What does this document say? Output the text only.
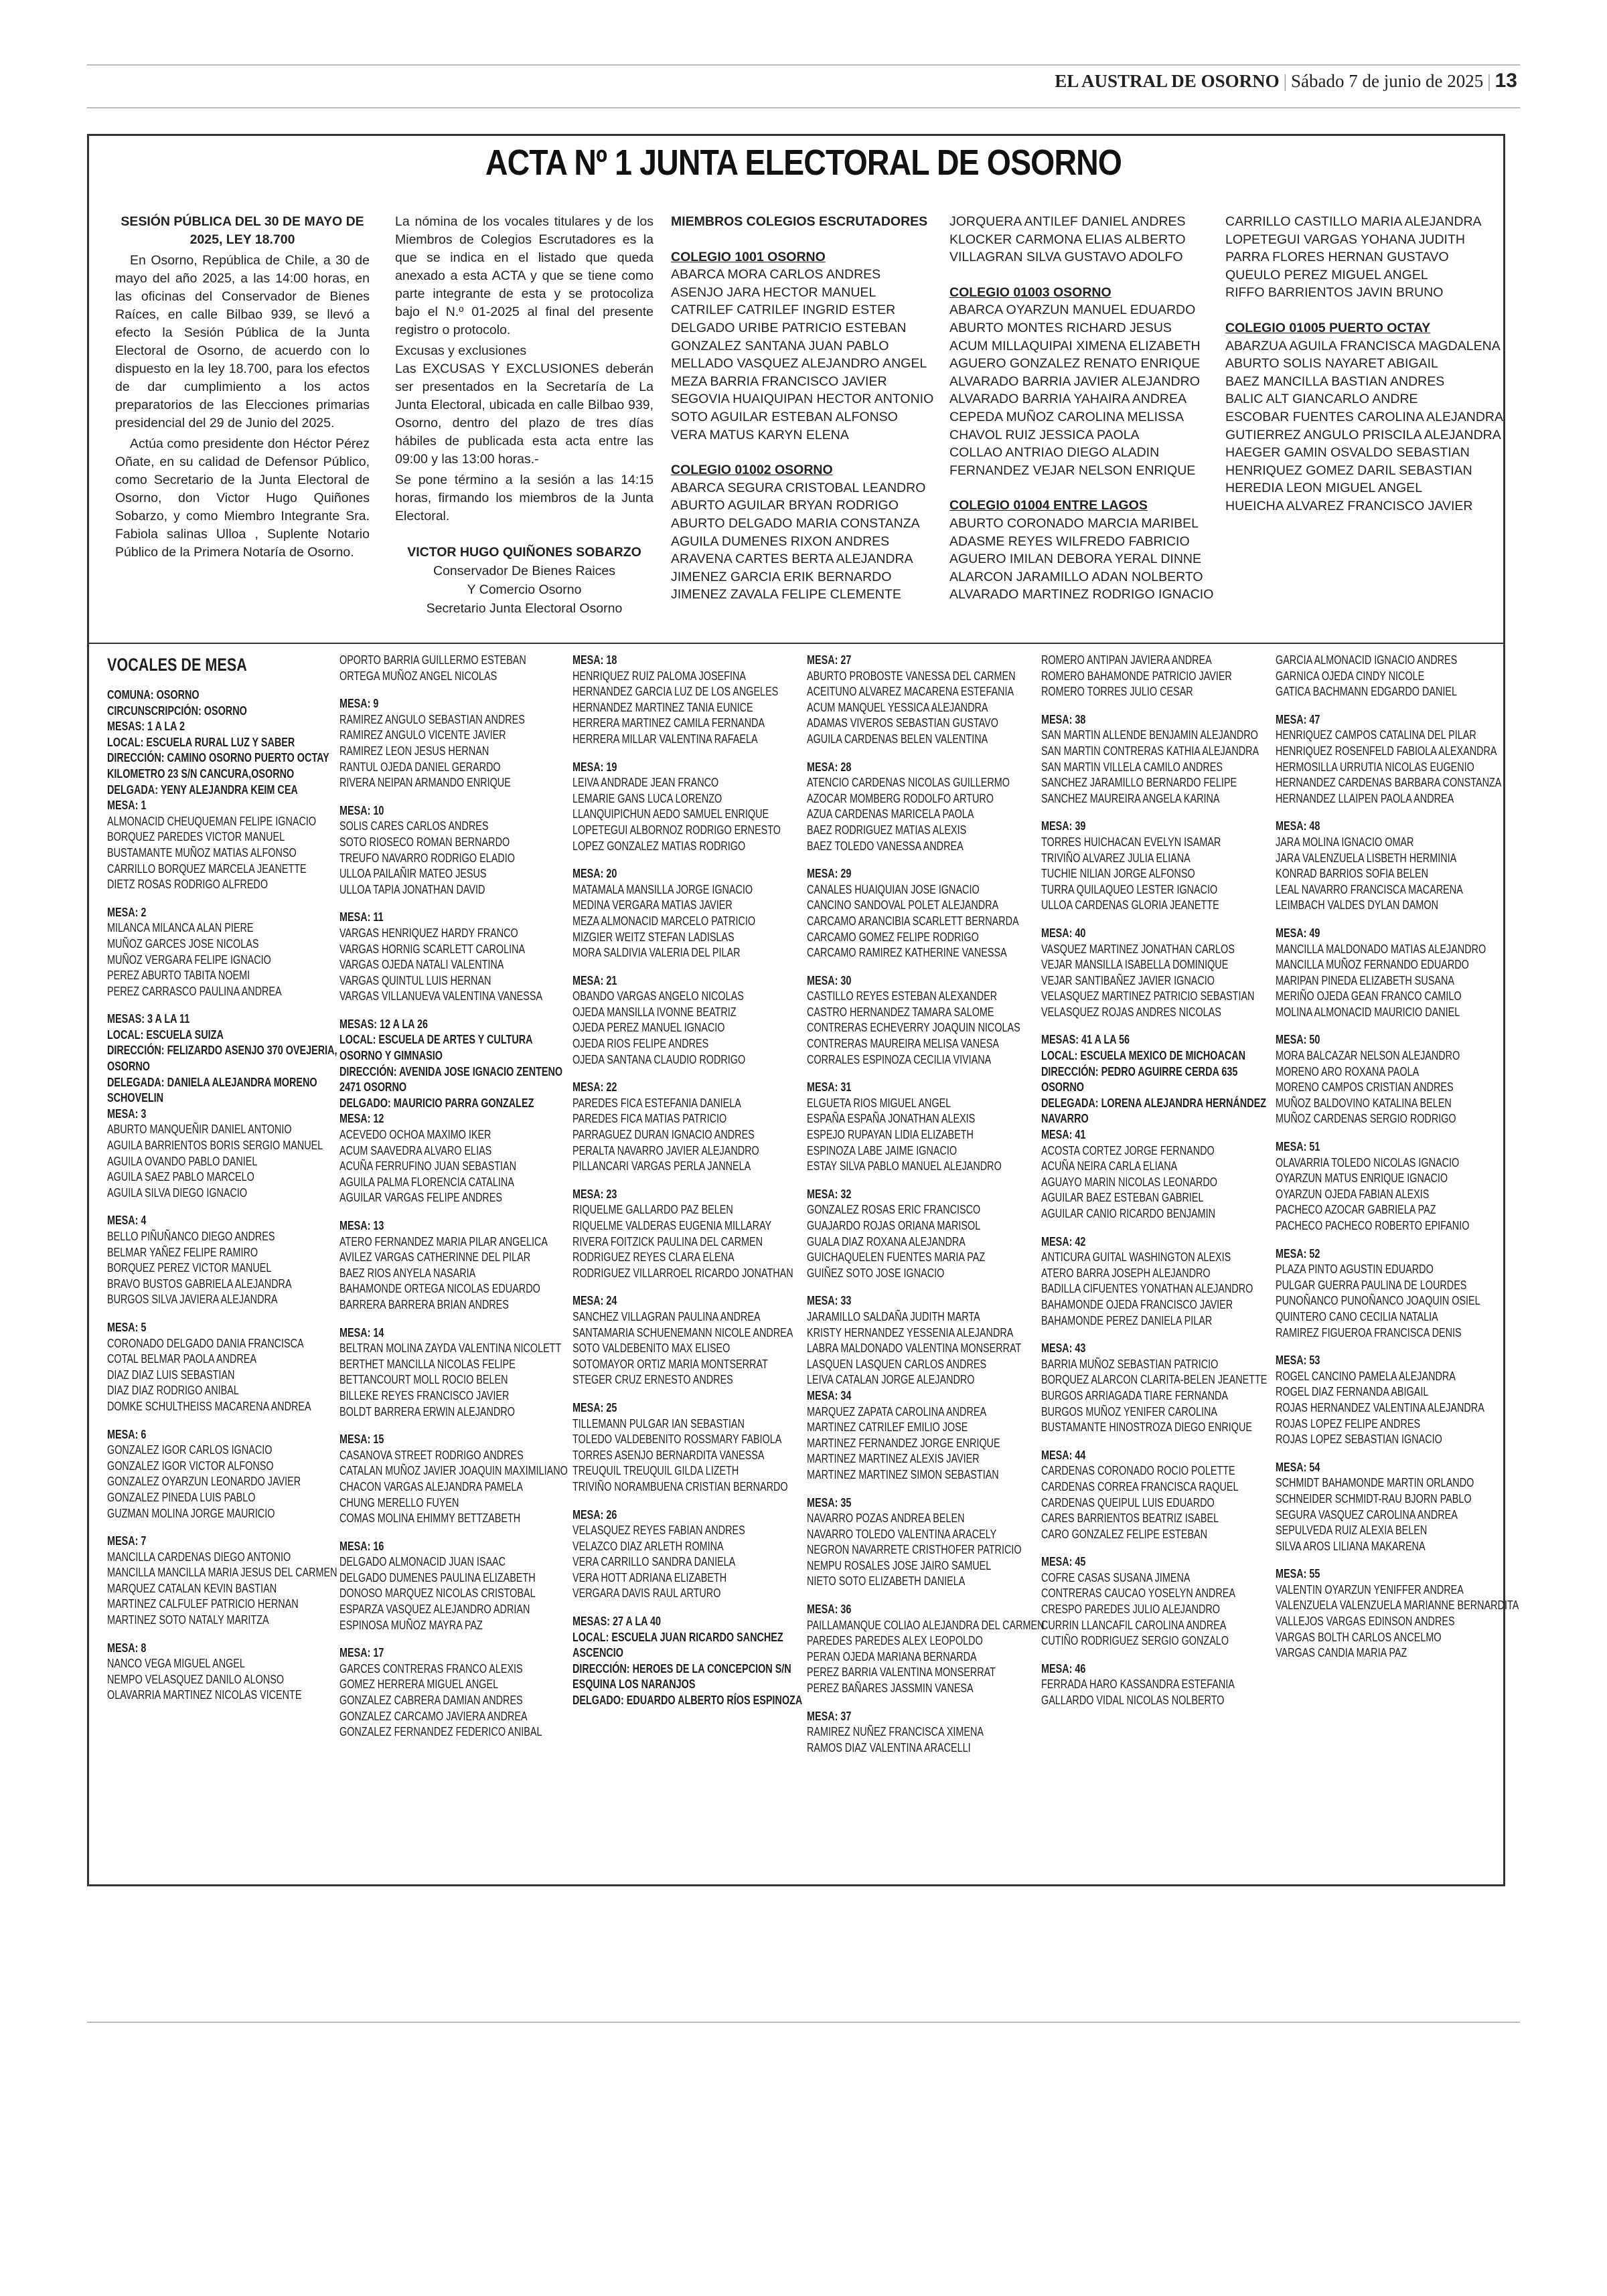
EL AUSTRAL DE OSORNO | Sábado 7 de junio de 2025 | 13
ACTA Nº 1 JUNTA ELECTORAL DE OSORNO

SESIÓN PÚBLICA DEL 30 DE MAYO DE 2025, LEY 18.700

En Osorno, República de Chile, a 30 de mayo del año 2025, a las 14:00 horas, en las oficinas del Conservador de Bienes Raíces, en calle Bilbao 939, se llevó a efecto la Sesión Pública de la Junta Electoral de Osorno, de acuerdo con lo dispuesto en la ley 18.700, para los efectos de dar cumplimiento a los actos preparatorios de las Elecciones primarias presidencial del 29 de Junio del 2025.

Actúa como presidente don Héctor Pérez Oñate, en su calidad de Defensor Público, como Secretario de la Junta Electoral de Osorno, don Victor Hugo Quiñones Sobarzo, y como Miembro Integrante Sra. Fabiola salinas Ulloa , Suplente Notario Público de la Primera Notaría de Osorno.

La nómina de los vocales titulares y de los Miembros de Colegios Escrutadores es la que se indica en el listado que queda anexado a esta ACTA y que se tiene como parte integrante de esta y se protocoliza bajo el N.º 01-2025 al final del presente registro o protocolo.

Excusas y exclusiones

Las EXCUSAS Y EXCLUSIONES deberán ser presentados en la Secretaría de La Junta Electoral, ubicada en calle Bilbao 939, Osorno, dentro del plazo de tres días hábiles de publicada esta acta entre las 09:00 y las 13:00 horas.-

Se pone término a la sesión a las 14:15 horas, firmando los miembros de la Junta Electoral.

VICTOR HUGO QUIÑONES SOBARZO
Conservador De Bienes Raices
Y Comercio Osorno
Secretario Junta Electoral Osorno
MIEMBROS COLEGIOS ESCRUTADORES
COLEGIO 1001 OSORNO
ABARCA MORA CARLOS ANDRES
ASENJO JARA HECTOR MANUEL
CATRILEF CATRILEF INGRID ESTER
DELGADO URIBE PATRICIO ESTEBAN
GONZALEZ SANTANA JUAN PABLO
MELLADO VASQUEZ ALEJANDRO ANGEL
MEZA BARRIA FRANCISCO JAVIER
SEGOVIA HUAIQUIPAN HECTOR ANTONIO
SOTO AGUILAR ESTEBAN ALFONSO
VERA MATUS KARYN ELENA
COLEGIO 01002 OSORNO
ABARCA SEGURA CRISTOBAL LEANDRO
ABURTO AGUILAR BRYAN RODRIGO
ABURTO DELGADO MARIA CONSTANZA
AGUILA DUMENES RIXON ANDRES
ARAVENA CARTES BERTA ALEJANDRA
JIMENEZ GARCIA ERIK BERNARDO
JIMENEZ ZAVALA FELIPE CLEMENTE
JORQUERA ANTILEF DANIEL ANDRES
KLOCKER CARMONA ELIAS ALBERTO
VILLAGRAN SILVA GUSTAVO ADOLFO
COLEGIO 01003 OSORNO
ABARCA OYARZUN MANUEL EDUARDO
ABURTO MONTES RICHARD JESUS
ACUM MILLAQUIPAI XIMENA ELIZABETH
AGUERO GONZALEZ RENATO ENRIQUE
ALVARADO BARRIA JAVIER ALEJANDRO
ALVARADO BARRIA YAHAIRA ANDREA
CEPEDA MUÑOZ CAROLINA MELISSA
CHAVOL RUIZ JESSICA PAOLA
COLLAO ANTRIAO DIEGO ALADIN
FERNANDEZ VEJAR NELSON ENRIQUE
COLEGIO 01004 ENTRE LAGOS
ABURTO CORONADO MARCIA MARIBEL
ADASME REYES WILFREDO FABRICIO
AGUERO IMILAN DEBORA YERAL DINNE
ALARCON JARAMILLO ADAN NOLBERTO
ALVARADO MARTINEZ RODRIGO IGNACIO
CARRILLO CASTILLO MARIA ALEJANDRA
LOPETEGUI VARGAS YOHANA JUDITH
PARRA FLORES HERNAN GUSTAVO
QUEULO PEREZ MIGUEL ANGEL
RIFFO BARRIENTOS JAVIN BRUNO
COLEGIO 01005 PUERTO OCTAY
ABARZUA AGUILA FRANCISCA MAGDALENA
ABURTO SOLIS NAYARET ABIGAIL
BAEZ MANCILLA BASTIAN ANDRES
BALIC ALT GIANCARLO ANDRE
ESCOBAR FUENTES CAROLINA ALEJANDRA
GUTIERREZ ANGULO PRISCILA ALEJANDRA
HAEGER GAMIN OSVALDO SEBASTIAN
HENRIQUEZ GOMEZ DARIL SEBASTIAN
HEREDIA LEON MIGUEL ANGEL
HUEICHA ALVAREZ FRANCISCO JAVIER
VOCALES DE MESA
COMUNA: OSORNO
CIRCUNSCRIPCIÓN: OSORNO
MESAS: 1 A LA 2
LOCAL: ESCUELA RURAL LUZ Y SABER
DIRECCIÓN: CAMINO OSORNO PUERTO OCTAY KILOMETRO 23 S/N CANCURA,OSORNO
DELGADA: YENY ALEJANDRA KEIM CEA
MESA: 1
ALMONACID CHEUQUEMAN FELIPE IGNACIO
BORQUEZ PAREDES VICTOR MANUEL
BUSTAMANTE MUÑOZ MATIAS ALFONSO
CARRILLO BORQUEZ MARCELA JEANETTE
DIETZ ROSAS RODRIGO ALFREDO
MESA: 2
MILANCA MILANCA ALAN PIERE
MUÑOZ GARCES JOSE NICOLAS
MUÑOZ VERGARA FELIPE IGNACIO
PEREZ ABURTO TABITA NOEMI
PEREZ CARRASCO PAULINA ANDREA
MESAS: 3 A LA 11
LOCAL: ESCUELA SUIZA
DIRECCIÓN: FELIZARDO ASENJO 370 OVEJERIA, OSORNO
DELEGADA: DANIELA ALEJANDRA MORENO SCHOVELIN
MESA: 3
ABURTO MANQUEÑIR DANIEL ANTONIO
AGUILA BARRIENTOS BORIS SERGIO MANUEL
AGUILA OVANDO PABLO DANIEL
AGUILA SAEZ PABLO MARCELO
AGUILA SILVA DIEGO IGNACIO
MESA: 4
BELLO PIÑUÑANCO DIEGO ANDRES
BELMAR YAÑEZ FELIPE RAMIRO
BORQUEZ PEREZ VICTOR MANUEL
BRAVO BUSTOS GABRIELA ALEJANDRA
BURGOS SILVA JAVIERA ALEJANDRA
MESA: 5
CORONADO DELGADO DANIA FRANCISCA
COTAL BELMAR PAOLA ANDREA
DIAZ DIAZ LUIS SEBASTIAN
DIAZ DIAZ RODRIGO ANIBAL
DOMKE SCHULTHEISS MACARENA ANDREA
MESA: 6
GONZALEZ IGOR CARLOS IGNACIO
GONZALEZ IGOR VICTOR ALFONSO
GONZALEZ OYARZUN LEONARDO JAVIER
GONZALEZ PINEDA LUIS PABLO
GUZMAN MOLINA JORGE MAURICIO
MESA: 7
MANCILLA CARDENAS DIEGO ANTONIO
MANCILLA MANCILLA MARIA JESUS DEL CARMEN
MARQUEZ CATALAN KEVIN BASTIAN
MARTINEZ CALFULEF PATRICIO HERNAN
MARTINEZ SOTO NATALY MARITZA
MESA: 8
NANCO VEGA MIGUEL ANGEL
NEMPO VELASQUEZ DANILO ALONSO
OLAVARRIA MARTINEZ NICOLAS VICENTE
OPORTO BARRIA GUILLERMO ESTEBAN
ORTEGA MUÑOZ ANGEL NICOLAS
MESA: 9
RAMIREZ ANGULO SEBASTIAN ANDRES
RAMIREZ ANGULO VICENTE JAVIER
RAMIREZ LEON JESUS HERNAN
RANTUL OJEDA DANIEL GERARDO
RIVERA NEIPAN ARMANDO ENRIQUE
MESA: 10
SOLIS CARES CARLOS ANDRES
SOTO RIOSECO ROMAN BERNARDO
TREUFO NAVARRO RODRIGO ELADIO
ULLOA PAILAÑIR MATEO JESUS
ULLOA TAPIA JONATHAN DAVID
MESA: 11
VARGAS HENRIQUEZ HARDY FRANCO
VARGAS HORNIG SCARLETT CAROLINA
VARGAS OJEDA NATALI VALENTINA
VARGAS QUINTUL LUIS HERNAN
VARGAS VILLANUEVA VALENTINA VANESSA
MESAS: 12 A LA 26
LOCAL: ESCUELA DE ARTES Y CULTURA OSORNO Y GIMNASIO
DIRECCIÓN: AVENIDA JOSE IGNACIO ZENTENO 2471 OSORNO
DELGADO: MAURICIO PARRA GONZALEZ
MESA: 12
ACEVEDO OCHOA MAXIMO IKER
ACUM SAAVEDRA ALVARO ELIAS
ACUÑA FERRUFINO JUAN SEBASTIAN
AGUILA PALMA FLORENCIA CATALINA
AGUILAR VARGAS FELIPE ANDRES
MESA: 13
ATERO FERNANDEZ MARIA PILAR ANGELICA
AVILEZ VARGAS CATHERINNE DEL PILAR
BAEZ RIOS ANYELA NASARIA
BAHAMONDE ORTEGA NICOLAS EDUARDO
BARRERA BARRERA BRIAN ANDRES
MESA: 14
BELTRAN MOLINA ZAYDA VALENTINA NICOLETT
BERTHET MANCILLA NICOLAS FELIPE
BETTANCOURT MOLL ROCIO BELEN
BILLEKE REYES FRANCISCO JAVIER
BOLDT BARRERA ERWIN ALEJANDRO
MESA: 15
CASANOVA STREET RODRIGO ANDRES
CATALAN MUÑOZ JAVIER JOAQUIN MAXIMILIANO
CHACON VARGAS ALEJANDRA PAMELA
CHUNG MERELLO FUYEN
COMAS MOLINA EHIMMY BETTZABETH
MESA: 16
DELGADO ALMONACID JUAN ISAAC
DELGADO DUMENES PAULINA ELIZABETH
DONOSO MARQUEZ NICOLAS CRISTOBAL
ESPARZA VASQUEZ ALEJANDRO ADRIAN
ESPINOSA MUÑOZ MAYRA PAZ
MESA: 17
GARCES CONTRERAS FRANCO ALEXIS
GOMEZ HERRERA MIGUEL ANGEL
GONZALEZ CABRERA DAMIAN ANDRES
GONZALEZ CARCAMO JAVIERA ANDREA
GONZALEZ FERNANDEZ FEDERICO ANIBAL
MESA: 18
HENRIQUEZ RUIZ PALOMA JOSEFINA
HERNANDEZ GARCIA LUZ DE LOS ANGELES
HERNANDEZ MARTINEZ TANIA EUNICE
HERRERA MARTINEZ CAMILA FERNANDA
HERRERA MILLAR VALENTINA RAFAELA
MESA: 19
LEIVA ANDRADE JEAN FRANCO
LEMARIE GANS LUCA LORENZO
LLANQUIPICHUN AEDO SAMUEL ENRIQUE
LOPETEGUI ALBORNOZ RODRIGO ERNESTO
LOPEZ GONZALEZ MATIAS RODRIGO
MESA: 20
MATAMALA MANSILLA JORGE IGNACIO
MEDINA VERGARA MATIAS JAVIER
MEZA ALMONACID MARCELO PATRICIO
MIZGIER WEITZ STEFAN LADISLAS
MORA SALDIVIA VALERIA DEL PILAR
MESA: 21
OBANDO VARGAS ANGELO NICOLAS
OJEDA MANSILLA IVONNE BEATRIZ
OJEDA PEREZ MANUEL IGNACIO
OJEDA RIOS FELIPE ANDRES
OJEDA SANTANA CLAUDIO RODRIGO
MESA: 22
PAREDES FICA ESTEFANIA DANIELA
PAREDES FICA MATIAS PATRICIO
PARRAGUEZ DURAN IGNACIO ANDRES
PERALTA NAVARRO JAVIER ALEJANDRO
PILLANCARI VARGAS PERLA JANNELA
MESA: 23
RIQUELME GALLARDO PAZ BELEN
RIQUELME VALDERAS EUGENIA MILLARAY
RIVERA FOITZICK PAULINA DEL CARMEN
RODRIGUEZ REYES CLARA ELENA
RODRIGUEZ VILLARROEL RICARDO JONATHAN
MESA: 24
SANCHEZ VILLAGRAN PAULINA ANDREA
SANTAMARIA SCHUENEMANN NICOLE ANDREA
SOTO VALDEBENITO MAX ELISEO
SOTOMAYOR ORTIZ MARIA MONTSERRAT
STEGER CRUZ ERNESTO ANDRES
MESA: 25
TILLEMANN PULGAR IAN SEBASTIAN
TOLEDO VALDEBENITO ROSSMARY FABIOLA
TORRES ASENJO BERNARDITA VANESSA
TREUQUIL TREUQUIL GILDA LIZETH
TRIVIÑO NORAMBUENA CRISTIAN BERNARDO
MESA: 26
VELASQUEZ REYES FABIAN ANDRES
VELAZCO DIAZ ARLETH ROMINA
VERA CARRILLO SANDRA DANIELA
VERA HOTT ADRIANA ELIZABETH
VERGARA DAVIS RAUL ARTURO
MESAS: 27 A LA 40
LOCAL: ESCUELA JUAN RICARDO SANCHEZ ASCENCIO
DIRECCIÓN: HEROES DE LA CONCEPCION S/N ESQUINA LOS NARANJOS
DELGADO: EDUARDO ALBERTO RÍOS ESPINOZA
MESA: 27
ABURTO PROBOSTE VANESSA DEL CARMEN
ACEITUNO ALVAREZ MACARENA ESTEFANIA
ACUM MANQUEL YESSICA ALEJANDRA
ADAMAS VIVEROS SEBASTIAN GUSTAVO
AGUILA CARDENAS BELEN VALENTINA
MESA: 28
ATENCIO CARDENAS NICOLAS GUILLERMO
AZOCAR MOMBERG RODOLFO ARTURO
AZUA CARDENAS MARICELA PAOLA
BAEZ RODRIGUEZ MATIAS ALEXIS
BAEZ TOLEDO VANESSA ANDREA
MESA: 29
CANALES HUAIQUIAN JOSE IGNACIO
CANCINO SANDOVAL POLET ALEJANDRA
CARCAMO ARANCIBIA SCARLETT BERNARDA
CARCAMO GOMEZ FELIPE RODRIGO
CARCAMO RAMIREZ KATHERINE VANESSA
MESA: 30
CASTILLO REYES ESTEBAN ALEXANDER
CASTRO HERNANDEZ TAMARA SALOME
CONTRERAS ECHEVERRY JOAQUIN NICOLAS
CONTRERAS MAUREIRA MELISA VANESA
CORRALES ESPINOZA CECILIA VIVIANA
MESA: 31
ELGUETA RIOS MIGUEL ANGEL
ESPAÑA ESPAÑA JONATHAN ALEXIS
ESPEJO RUPAYAN LIDIA ELIZABETH
ESPINOZA LABE JAIME IGNACIO
ESTAY SILVA PABLO MANUEL ALEJANDRO
MESA: 32
GONZALEZ ROSAS ERIC FRANCISCO
GUAJARDO ROJAS ORIANA MARISOL
GUALA DIAZ ROXANA ALEJANDRA
GUICHAQUELEN FUENTES MARIA PAZ
GUIÑEZ SOTO JOSE IGNACIO
MESA: 33
JARAMILLO SALDAÑA JUDITH MARTA
KRISTY HERNANDEZ YESSENIA ALEJANDRA
LABRA MALDONADO VALENTINA MONSERRAT
LASQUEN LASQUEN CARLOS ANDRES
LEIVA CATALAN JORGE ALEJANDRO
MESA: 34
MARQUEZ ZAPATA CAROLINA ANDREA
MARTINEZ CATRILEF EMILIO JOSE
MARTINEZ FERNANDEZ JORGE ENRIQUE
MARTINEZ MARTINEZ ALEXIS JAVIER
MARTINEZ MARTINEZ SIMON SEBASTIAN
MESA: 35
NAVARRO POZAS ANDREA BELEN
NAVARRO TOLEDO VALENTINA ARACELY
NEGRON NAVARRETE CRISTHOFER PATRICIO
NEMPU ROSALES JOSE JAIRO SAMUEL
NIETO SOTO ELIZABETH DANIELA
MESA: 36
PAILLAMANQUE COLIAO ALEJANDRA DEL CARMEN
PAREDES PAREDES ALEX LEOPOLDO
PERAN OJEDA MARIANA BERNARDA
PEREZ BARRIA VALENTINA MONSERRAT
PEREZ BAÑARES JASSMIN VANESA
MESA: 37
RAMIREZ NUÑEZ FRANCISCA XIMENA
RAMOS DIAZ VALENTINA ARACELLI
ROMERO ANTIPAN JAVIERA ANDREA
ROMERO BAHAMONDE PATRICIO JAVIER
ROMERO TORRES JULIO CESAR
MESA: 38
SAN MARTIN ALLENDE BENJAMIN ALEJANDRO
SAN MARTIN CONTRERAS KATHIA ALEJANDRA
SAN MARTIN VILLELA CAMILO ANDRES
SANCHEZ JARAMILLO BERNARDO FELIPE
SANCHEZ MAUREIRA ANGELA KARINA
MESA: 39
TORRES HUICHACAN EVELYN ISAMAR
TRIVIÑO ALVAREZ JULIA ELIANA
TUCHIE NILIAN JORGE ALFONSO
TURRA QUILAQUEO LESTER IGNACIO
ULLOA CARDENAS GLORIA JEANETTE
MESA: 40
VASQUEZ MARTINEZ JONATHAN CARLOS
VEJAR MANSILLA ISABELLA DOMINIQUE
VEJAR SANTIBAÑEZ JAVIER IGNACIO
VELASQUEZ MARTINEZ PATRICIO SEBASTIAN
VELASQUEZ ROJAS ANDRES NICOLAS
MESAS: 41 A LA 56
LOCAL: ESCUELA MEXICO DE MICHOACAN
DIRECCIÓN: PEDRO AGUIRRE CERDA 635 OSORNO
DELEGADA: LORENA ALEJANDRA HERNÁNDEZ NAVARRO
MESA: 41
ACOSTA CORTEZ JORGE FERNANDO
ACUÑA NEIRA CARLA ELIANA
AGUAYO MARIN NICOLAS LEONARDO
AGUILAR BAEZ ESTEBAN GABRIEL
AGUILAR CANIO RICARDO BENJAMIN
MESA: 42
ANTICURA GUITAL WASHINGTON ALEXIS
ATERO BARRA JOSEPH ALEJANDRO
BADILLA CIFUENTES YONATHAN ALEJANDRO
BAHAMONDE OJEDA FRANCISCO JAVIER
BAHAMONDE PEREZ DANIELA PILAR
MESA: 43
BARRIA MUÑOZ SEBASTIAN PATRICIO
BORQUEZ ALARCON CLARITA-BELEN JEANETTE
BURGOS ARRIAGADA TIARE FERNANDA
BURGOS MUÑOZ YENIFER CAROLINA
BUSTAMANTE HINOSTROZA DIEGO ENRIQUE
MESA: 44
CARDENAS CORONADO ROCIO POLETTE
CARDENAS CORREA FRANCISCA RAQUEL
CARDENAS QUEIPUL LUIS EDUARDO
CARES BARRIENTOS BEATRIZ ISABEL
CARO GONZALEZ FELIPE ESTEBAN
MESA: 45
COFRE CASAS SUSANA JIMENA
CONTRERAS CAUCAO YOSELYN ANDREA
CRESPO PAREDES JULIO ALEJANDRO
CURRIN LLANCAFIL CAROLINA ANDREA
CUTIÑO RODRIGUEZ SERGIO GONZALO
MESA: 46
FERRADA HARO KASSANDRA ESTEFANIA
GALLARDO VIDAL NICOLAS NOLBERTO
GARCIA ALMONACID IGNACIO ANDRES
GARNICA OJEDA CINDY NICOLE
GATICA BACHMANN EDGARDO DANIEL
MESA: 47
HENRIQUEZ CAMPOS CATALINA DEL PILAR
HENRIQUEZ ROSENFELD FABIOLA ALEXANDRA
HERMOSILLA URRUTIA NICOLAS EUGENIO
HERNANDEZ CARDENAS BARBARA CONSTANZA
HERNANDEZ LLAIPEN PAOLA ANDREA
MESA: 48
JARA MOLINA IGNACIO OMAR
JARA VALENZUELA LISBETH HERMINIA
KONRAD BARRIOS SOFIA BELEN
LEAL NAVARRO FRANCISCA MACARENA
LEIMBACH VALDES DYLAN DAMON
MESA: 49
MANCILLA MALDONADO MATIAS ALEJANDRO
MANCILLA MUÑOZ FERNANDO EDUARDO
MARIPAN PINEDA ELIZABETH SUSANA
MERIÑO OJEDA GEAN FRANCO CAMILO
MOLINA ALMONACID MAURICIO DANIEL
MESA: 50
MORA BALCAZAR NELSON ALEJANDRO
MORENO ARO ROXANA PAOLA
MORENO CAMPOS CRISTIAN ANDRES
MUÑOZ BALDOVINO KATALINA BELEN
MUÑOZ CARDENAS SERGIO RODRIGO
MESA: 51
OLAVARRIA TOLEDO NICOLAS IGNACIO
OYARZUN MATUS ENRIQUE IGNACIO
OYARZUN OJEDA FABIAN ALEXIS
PACHECO AZOCAR GABRIELA PAZ
PACHECO PACHECO ROBERTO EPIFANIO
MESA: 52
PLAZA PINTO AGUSTIN EDUARDO
PULGAR GUERRA PAULINA DE LOURDES
PUNOÑANCO PUNOÑANCO JOAQUIN OSIEL
QUINTERO CANO CECILIA NATALIA
RAMIREZ FIGUEROA FRANCISCA DENIS
MESA: 53
ROGEL CANCINO PAMELA ALEJANDRA
ROGEL DIAZ FERNANDA ABIGAIL
ROJAS HERNANDEZ VALENTINA ALEJANDRA
ROJAS LOPEZ FELIPE ANDRES
ROJAS LOPEZ SEBASTIAN IGNACIO
MESA: 54
SCHMIDT BAHAMONDE MARTIN ORLANDO
SCHNEIDER SCHMIDT-RAU BJORN PABLO
SEGURA VASQUEZ CAROLINA ANDREA
SEPULVEDA RUIZ ALEXIA BELEN
SILVA AROS LILIANA MAKARENA
MESA: 55
VALENTIN OYARZUN YENIFFER ANDREA
VALENZUELA VALENZUELA MARIANNE BERNARDITA
VALLEJOS VARGAS EDINSON ANDRES
VARGAS BOLTH CARLOS ANCELMO
VARGAS CANDIA MARIA PAZ
